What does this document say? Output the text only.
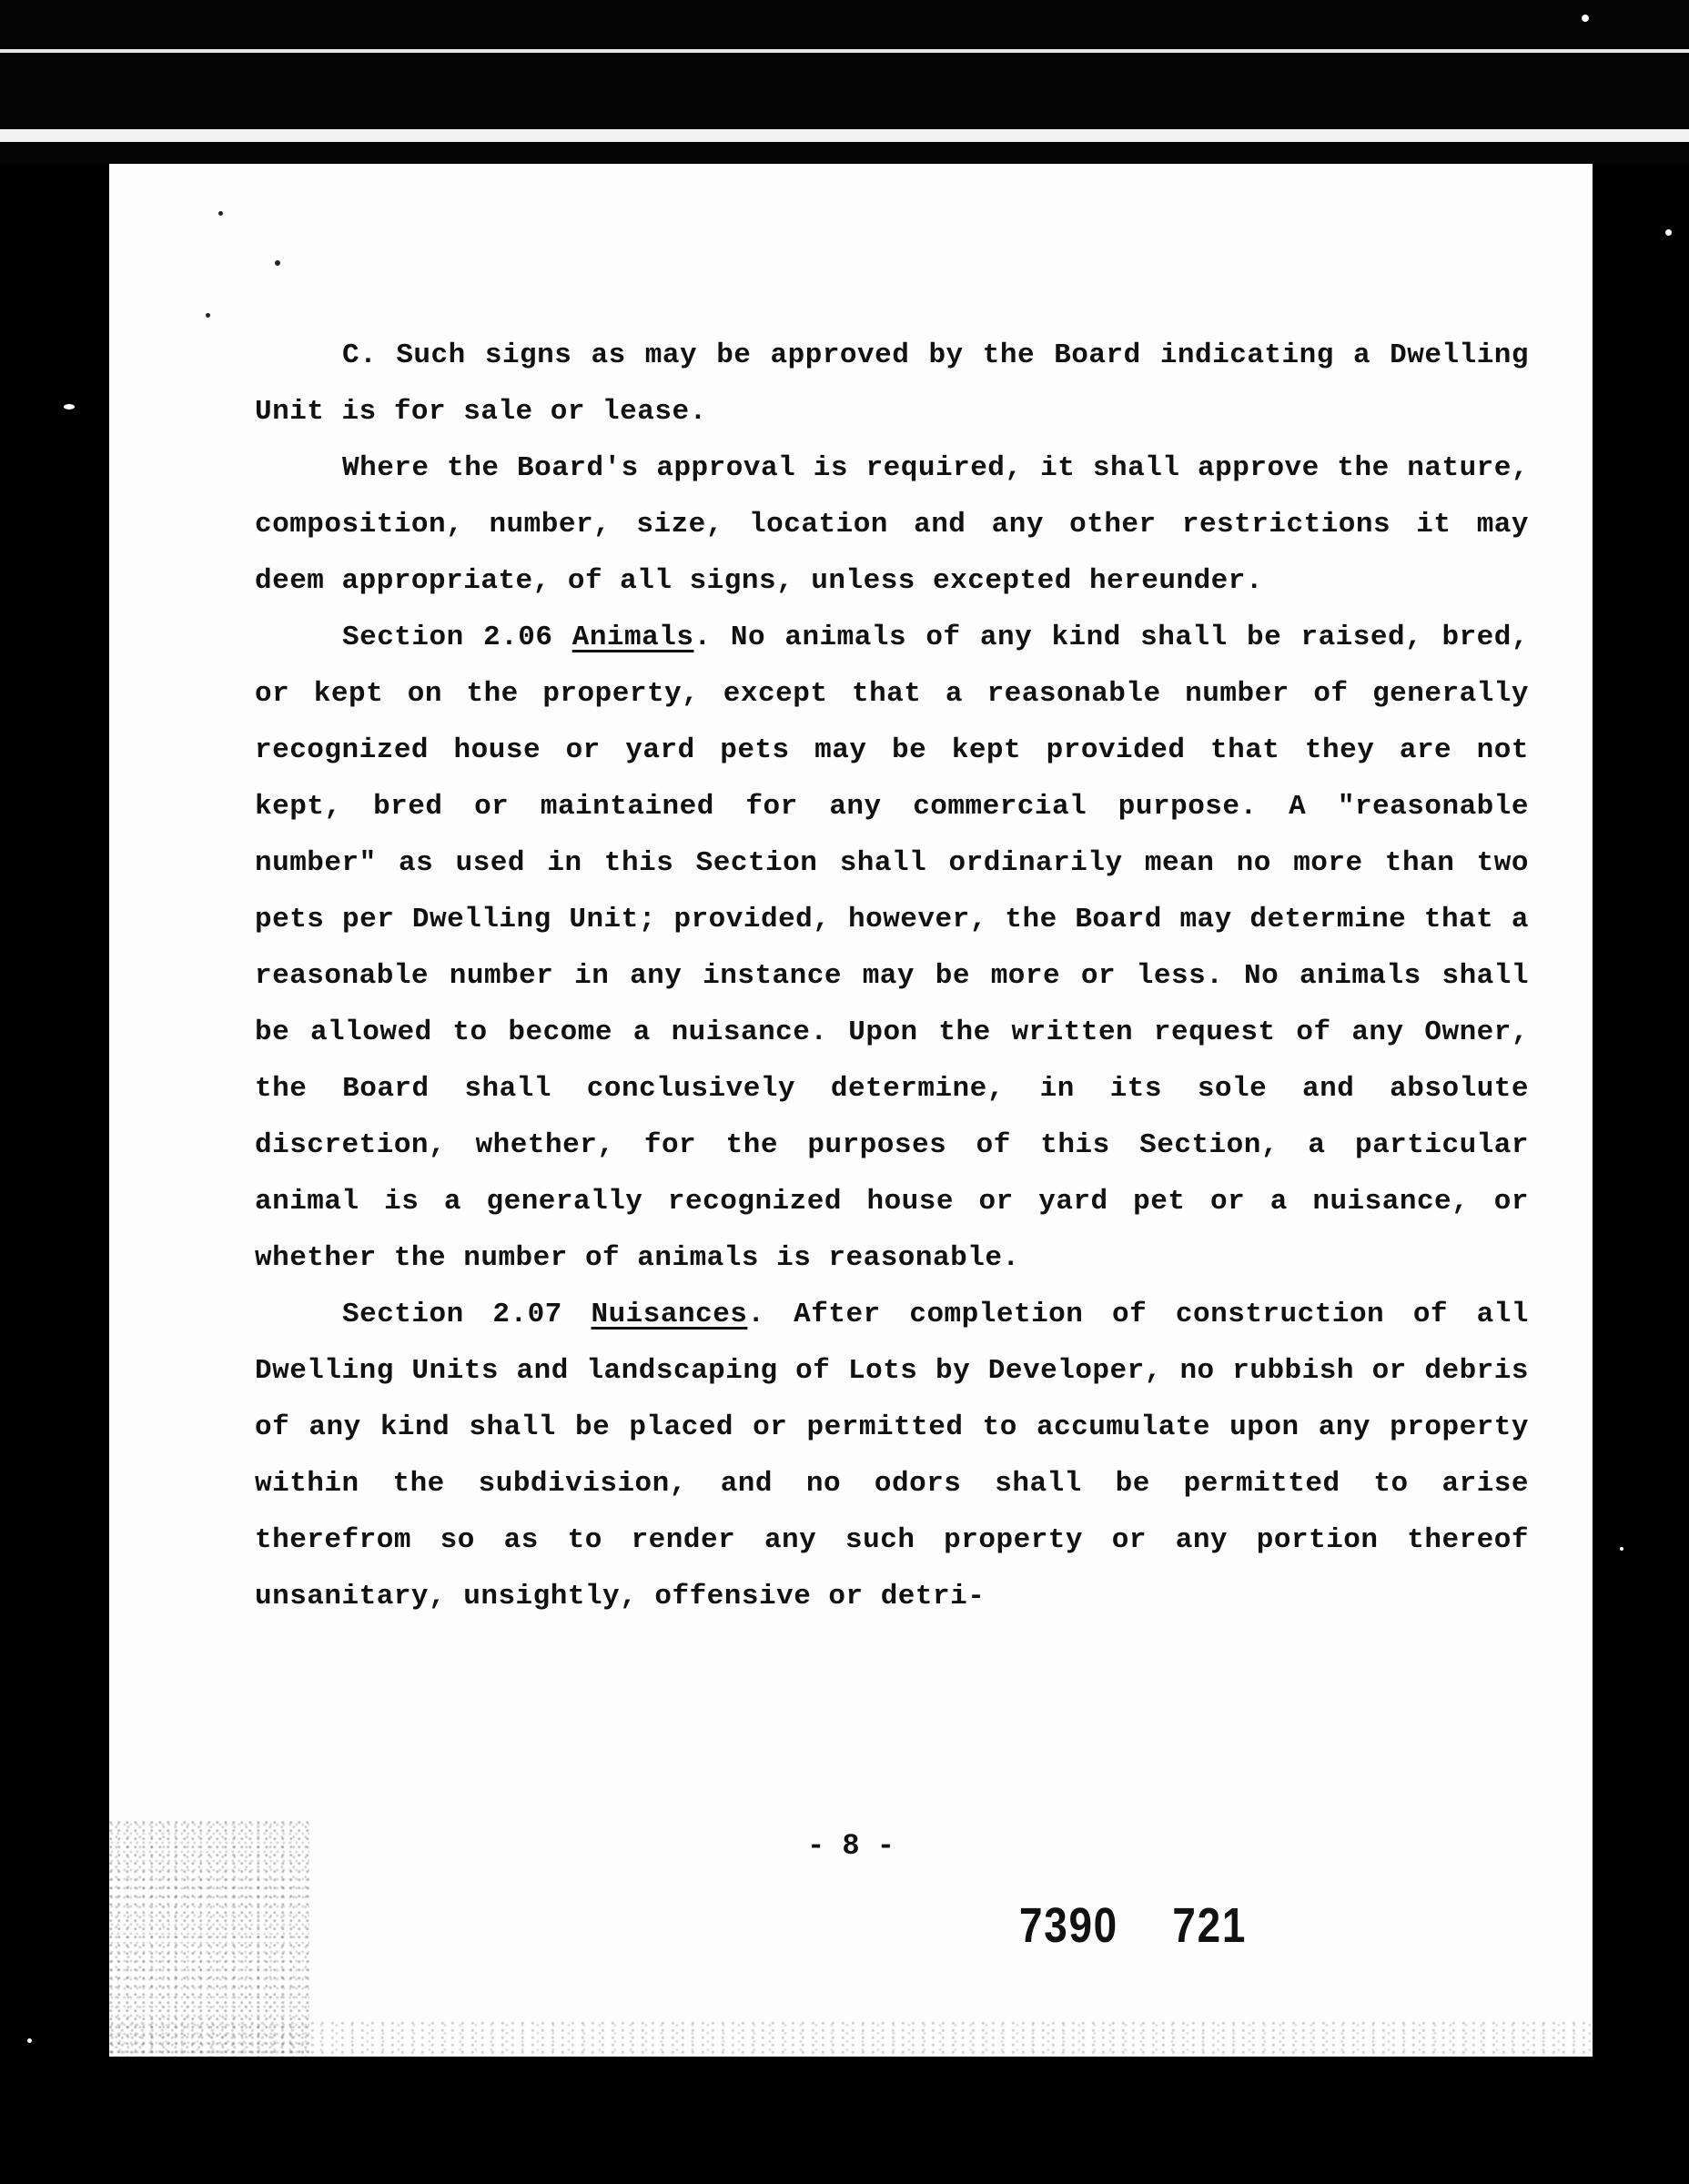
C. Such signs as may be approved by the Board indicating a Dwelling Unit is for sale or lease.

Where the Board's approval is required, it shall approve the nature, composition, number, size, location and any other restrictions it may deem appropriate, of all signs, unless excepted hereunder.

Section 2.06 Animals. No animals of any kind shall be raised, bred, or kept on the property, except that a reasonable number of generally recognized house or yard pets may be kept provided that they are not kept, bred or maintained for any commercial purpose. A "reasonable number" as used in this Section shall ordinarily mean no more than two pets per Dwelling Unit; provided, however, the Board may determine that a reasonable number in any instance may be more or less. No animals shall be allowed to become a nuisance. Upon the written request of any Owner, the Board shall conclusively determine, in its sole and absolute discretion, whether, for the purposes of this Section, a particular animal is a generally recognized house or yard pet or a nuisance, or whether the number of animals is reasonable.

Section 2.07 Nuisances. After completion of construction of all Dwelling Units and landscaping of Lots by Developer, no rubbish or debris of any kind shall be placed or permitted to accumulate upon any property within the subdivision, and no odors shall be permitted to arise therefrom so as to render any such property or any portion thereof unsanitary, unsightly, offensive or detri-

- 8 -
7390 721
